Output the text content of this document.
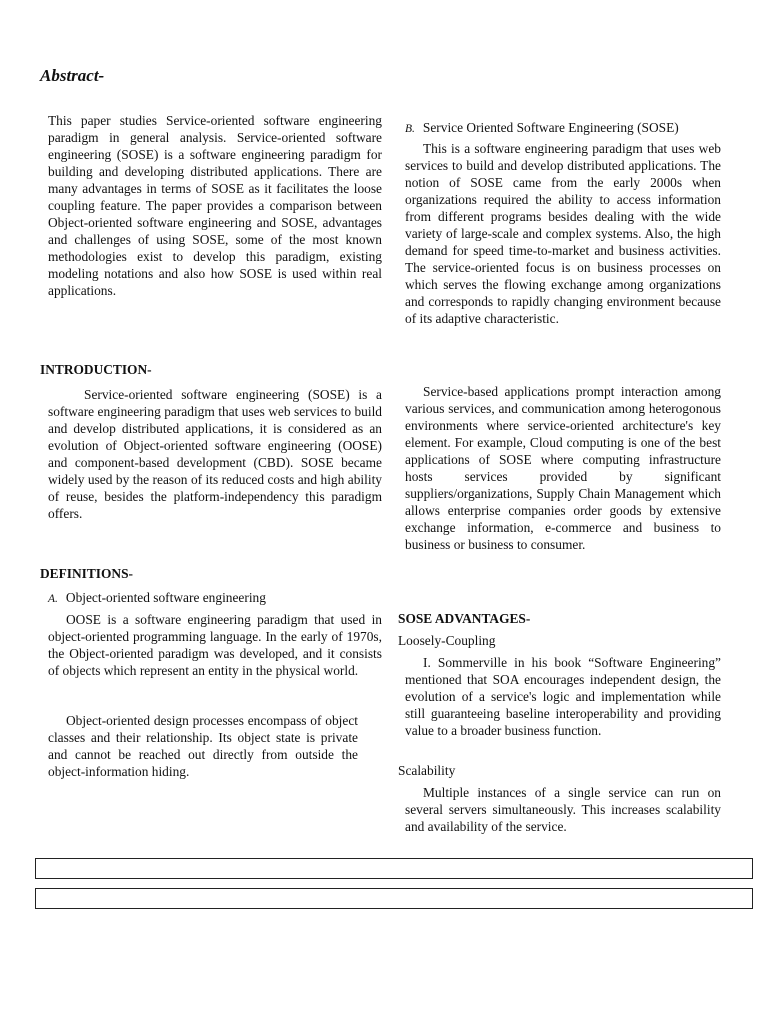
Abstract-

This paper studies Service-oriented software engineering paradigm in general analysis. Service-oriented software engineering (SOSE) is a software engineering paradigm for building and developing distributed applications. There are many advantages in terms of SOSE as it facilitates the loose coupling feature. The paper provides a comparison between Object-oriented software engineering and SOSE, advantages and challenges of using SOSE, some of the most known methodologies exist to develop this paradigm, existing modeling notations and also how SOSE is used within real applications.

INTRODUCTION-

Service-oriented software engineering (SOSE) is a software engineering paradigm that uses web services to build and develop distributed applications, it is considered as an evolution of Object-oriented software engineering (OOSE) and component-based development (CBD). SOSE became widely used by the reason of its reduced costs and high ability of reuse, besides the platform-independency this paradigm offers.

DEFINITIONS-
A. Object-oriented software engineering

OOSE is a software engineering paradigm that used in object-oriented programming language. In the early of 1970s, the Object-oriented paradigm was developed, and it consists of objects which represent an entity in the physical world.

Object-oriented design processes encompass of object classes and their relationship. Its object state is private and cannot be reached out directly from outside the object-information hiding.

B. Service Oriented Software Engineering (SOSE)

This is a software engineering paradigm that uses web services to build and develop distributed applications. The notion of SOSE came from the early 2000s when organizations required the ability to access information from different programs besides dealing with the wide variety of large-scale and complex systems. Also, the high demand for speed time-to-market and business activities. The service-oriented focus is on business processes on which serves the flowing exchange among organizations and corresponds to rapidly changing environment because of its adaptive characteristic.

Service-based applications prompt interaction among various services, and communication among heterogonous environments where service-oriented architecture's key element. For example, Cloud computing is one of the best applications of SOSE where computing infrastructure hosts services provided by significant suppliers/organizations, Supply Chain Management which allows enterprise companies order goods by extensive exchange information, e-commerce and business to business or business to consumer.

SOSE ADVANTAGES-
Loosely-Coupling

I. Sommerville in his book “Software Engineering” mentioned that SOA encourages independent design, the evolution of a service's logic and implementation while still guaranteeing baseline interoperability and providing value to a broader business function.

Scalability

Multiple instances of a single service can run on several servers simultaneously. This increases scalability and availability of the service.
